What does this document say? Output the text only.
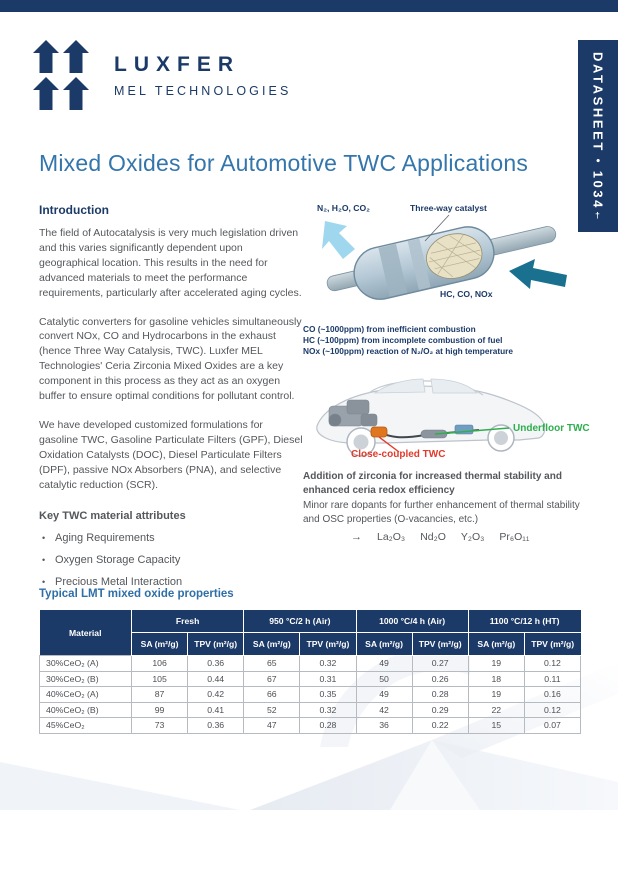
LUXFER
MEL TECHNOLOGIES	DATASHEET • 1034†
Mixed Oxides for Automotive TWC Applications
Introduction

The field of Autocatalysis is very much legislation driven and this varies significantly dependent upon geographical location. This results in the need for advanced materials to meet the performance requirements, particularly after accelerated aging cycles.

Catalytic converters for gasoline vehicles simultaneously convert NOx, CO and Hydrocarbons in the exhaust (hence Three Way Catalysis, TWC). Luxfer MEL Technologies' Ceria Zirconia Mixed Oxides are a key component in this process as they act as an oxygen buffer to ensure optimal conditions for pollutant control.

We have developed customized formulations for gasoline TWC, Gasoline Particulate Filters (GPF), Diesel Oxidation Catalysts (DOC), Diesel Particulate Filters (DPF), passive NOx Absorbers (PNA), and selective catalytic reduction (SCR).

Key TWC material attributes
• Aging Requirements
• Oxygen Storage Capacity
• Precious Metal Interaction
N₂, H₂O, CO₂	Three-way catalyst
HC, CO, NOx
CO (~1000ppm) from inefficient combustion
HC (~100ppm) from incomplete combustion of fuel
NOx (~100ppm) reaction of N₂/O₂ at high temperature
Underfloor TWC
Close-coupled TWC

Addition of zirconia for increased thermal stability and enhanced ceria redox efficiency

Minor rare dopants for further enhancement of thermal stability and OSC properties (O-vacancies, etc.)

→ La₂O₃ Nd₂O Y₂O₃ Pr₆O₁₁
Typical LMT mixed oxide properties
Material	Fresh		950 °C/2 h (Air)		1000 °C/4 h (Air)		1100 °C/12 h (HT)	
	SA (m²/g)	TPV (m²/g)	SA (m²/g)	TPV (m²/g)	SA (m²/g)	TPV (m²/g)	SA (m²/g)	TPV (m²/g)
30%CeO₂ (A)	106	0.36	65	0.32	49	0.27	19	0.12
30%CeO₂ (B)	105	0.44	67	0.31	50	0.26	18	0.11
40%CeO₂ (A)	87	0.42	66	0.35	49	0.28	19	0.16
40%CeO₂ (B)	99	0.41	52	0.32	42	0.29	22	0.12
45%CeO₂	73	0.36	47	0.28	36	0.22	15	0.07
